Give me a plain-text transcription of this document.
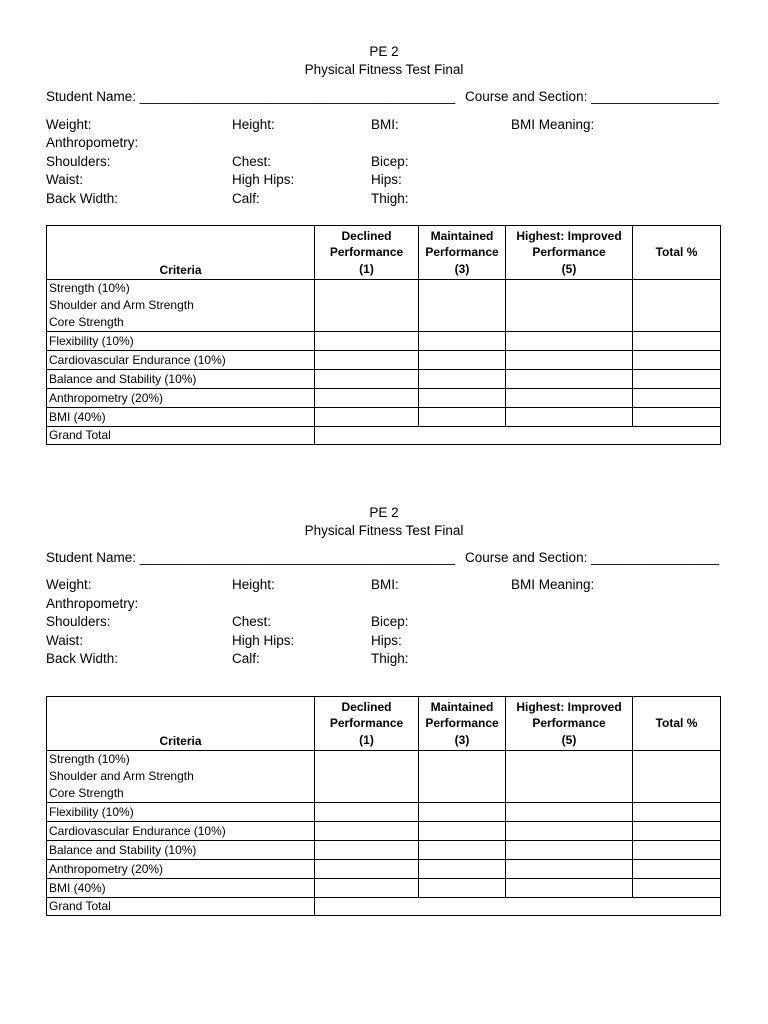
PE 2
Physical Fitness Test Final
Student Name: __________________________________________ Course and Section: _________________
Weight:	Height:	BMI:	BMI Meaning:
Anthropometry:
Shoulders:	Chest:	Bicep:
Waist:	High Hips:	Hips:
Back Width:	Calf:	Thigh:
Criteria	Declined
Performance
(1)	Maintained
Performance
(3)	Highest: Improved
Performance
(5)	Total %

Strength (10%)
Shoulder and Arm Strength
Core Strength				

Flexibility (10%)				
Cardiovascular Endurance (10%)				
Balance and Stability (10%)				
Anthropometry (20%)				
BMI (40%)				
Grand Total				
PE 2
Physical Fitness Test Final
Student Name: __________________________________________ Course and Section: _________________
Weight:	Height:	BMI:	BMI Meaning:
Anthropometry:
Shoulders:	Chest:	Bicep:
Waist:	High Hips:	Hips:
Back Width:	Calf:	Thigh:
Criteria	Declined
Performance
(1)	Maintained
Performance
(3)	Highest: Improved
Performance
(5)	Total %

Strength (10%)
Shoulder and Arm Strength
Core Strength				

Flexibility (10%)				
Cardiovascular Endurance (10%)				
Balance and Stability (10%)				
Anthropometry (20%)				
BMI (40%)				
Grand Total				
